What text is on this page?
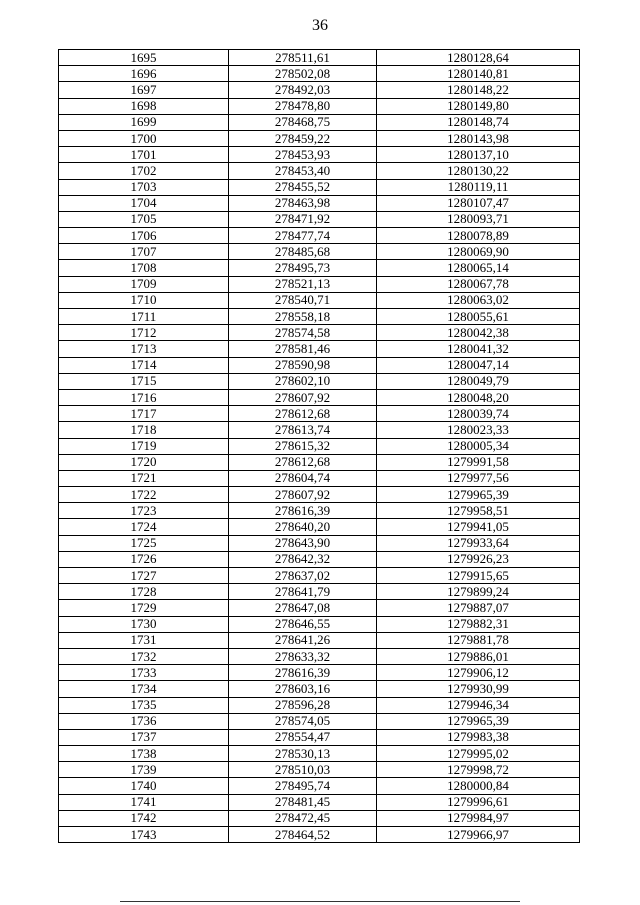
36
1695	278511,61	1280128,64
1696	278502,08	1280140,81
1697	278492,03	1280148,22
1698	278478,80	1280149,80
1699	278468,75	1280148,74
1700	278459,22	1280143,98
1701	278453,93	1280137,10
1702	278453,40	1280130,22
1703	278455,52	1280119,11
1704	278463,98	1280107,47
1705	278471,92	1280093,71
1706	278477,74	1280078,89
1707	278485,68	1280069,90
1708	278495,73	1280065,14
1709	278521,13	1280067,78
1710	278540,71	1280063,02
1711	278558,18	1280055,61
1712	278574,58	1280042,38
1713	278581,46	1280041,32
1714	278590,98	1280047,14
1715	278602,10	1280049,79
1716	278607,92	1280048,20
1717	278612,68	1280039,74
1718	278613,74	1280023,33
1719	278615,32	1280005,34
1720	278612,68	1279991,58
1721	278604,74	1279977,56
1722	278607,92	1279965,39
1723	278616,39	1279958,51
1724	278640,20	1279941,05
1725	278643,90	1279933,64
1726	278642,32	1279926,23
1727	278637,02	1279915,65
1728	278641,79	1279899,24
1729	278647,08	1279887,07
1730	278646,55	1279882,31
1731	278641,26	1279881,78
1732	278633,32	1279886,01
1733	278616,39	1279906,12
1734	278603,16	1279930,99
1735	278596,28	1279946,34
1736	278574,05	1279965,39
1737	278554,47	1279983,38
1738	278530,13	1279995,02
1739	278510,03	1279998,72
1740	278495,74	1280000,84
1741	278481,45	1279996,61
1742	278472,45	1279984,97
1743	278464,52	1279966,97
